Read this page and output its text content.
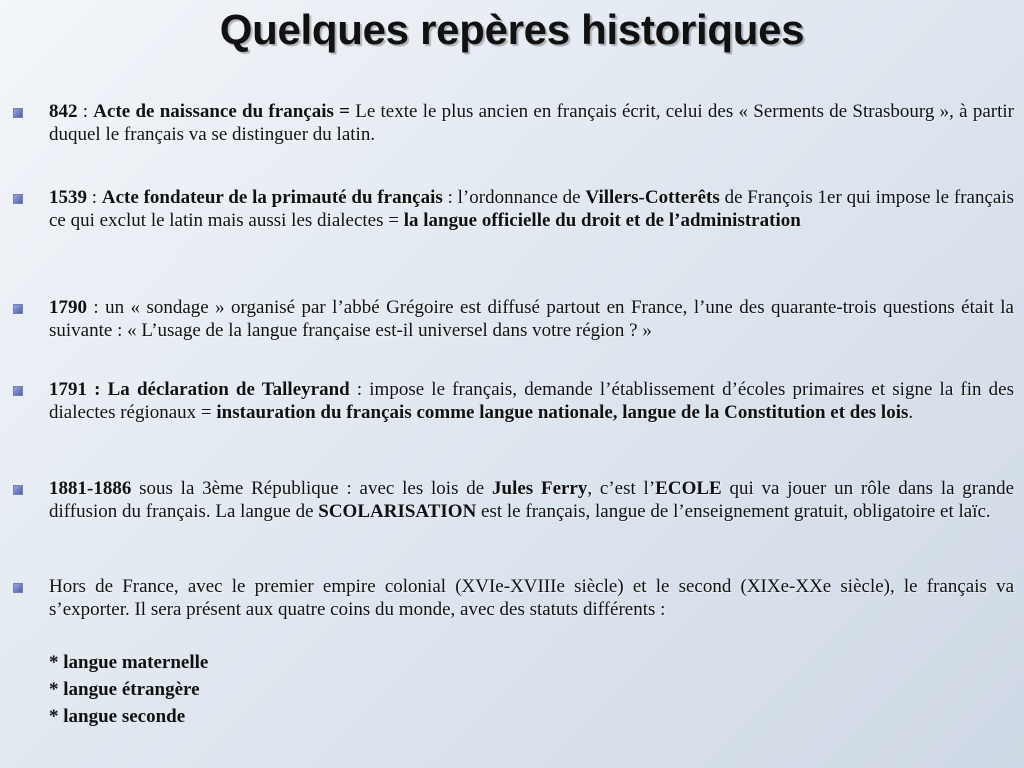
Quelques repères historiques
842 : Acte de naissance du français = Le texte le plus ancien en français écrit, celui des « Serments de Strasbourg », à partir duquel le français va se distinguer du latin.
1539 : Acte fondateur de la primauté du français : l’ordonnance de Villers-Cotterêts de François 1er qui impose le français ce qui exclut le latin mais aussi les dialectes = la langue officielle du droit et de l’administration
1790 : un « sondage » organisé par l’abbé Grégoire est diffusé partout en France, l’une des quarante-trois questions était la suivante : « L’usage de la langue française est-il universel dans votre région ? »
1791 : La déclaration de Talleyrand : impose le français, demande l’établissement d’écoles primaires et signe la fin des dialectes régionaux = instauration du français comme langue nationale, langue de la Constitution et des lois.
1881-1886 sous la 3ème République : avec les lois de Jules Ferry, c’est l’ECOLE qui va jouer un rôle dans la grande diffusion du français. La langue de SCOLARISATION est le français, langue de l’enseignement gratuit, obligatoire et laïc.
Hors de France, avec le premier empire colonial (XVIe-XVIIIe siècle) et le second (XIXe-XXe siècle), le français va s’exporter. Il sera présent aux quatre coins du monde, avec des statuts différents :
* langue maternelle
* langue étrangère
* langue seconde
